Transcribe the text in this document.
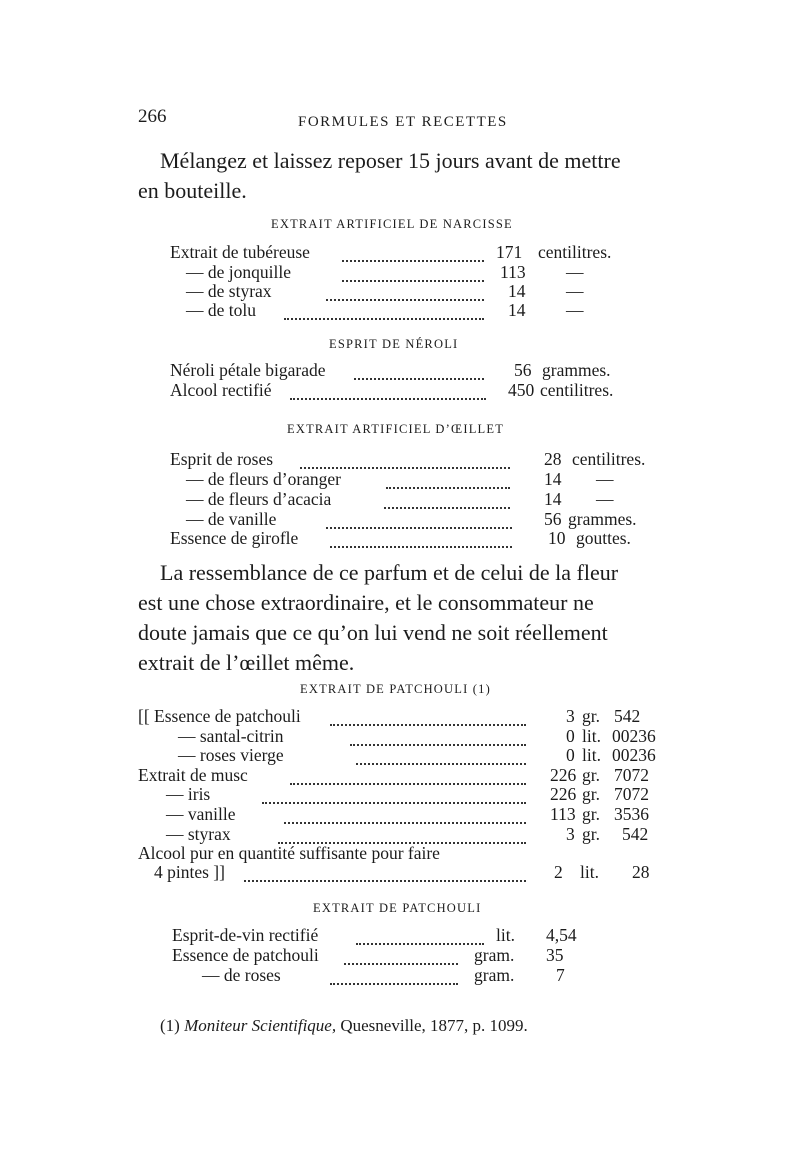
266	FORMULES ET RECETTES
Mélangez et laissez reposer 15 jours avant de mettre
en bouteille.
EXTRAIT ARTIFICIEL DE NARCISSE
Extrait de tubéreuse	171 centilitres.
— de jonquille	113 —
— de styrax	14 —
— de tolu	14 —
ESPRIT DE NÉROLI
Néroli pétale bigarade	56 grammes.
Alcool rectifié	450 centilitres.
EXTRAIT ARTIFICIEL D’ŒILLET
Esprit de roses	28 centilitres.
— de fleurs d’oranger	14 —
— de fleurs d’acacia	14 —
— de vanille	56 grammes.
Essence de girofle	10 gouttes.
La ressemblance de ce parfum et de celui de la fleur
est une chose extraordinaire, et le consommateur ne
doute jamais que ce qu’on lui vend ne soit réellement
extrait de l’œillet même.
EXTRAIT DE PATCHOULI (1)
[[ Essence de patchouli	3 gr. 542
— santal-citrin	0 lit. 00236
— roses vierge	0 lit. 00236
Extrait de musc	226 gr. 7072
— iris	226 gr. 7072
— vanille	113 gr. 3536
— styrax	3 gr. 542
Alcool pur en quantité suffisante pour faire
4 pintes ]]	2 lit. 28
EXTRAIT DE PATCHOULI
Esprit-de-vin rectifié	lit. 4,54
Essence de patchouli	gram. 35
— de roses	gram. 7
(1) Moniteur Scientifique, Quesneville, 1877, p. 1099.
